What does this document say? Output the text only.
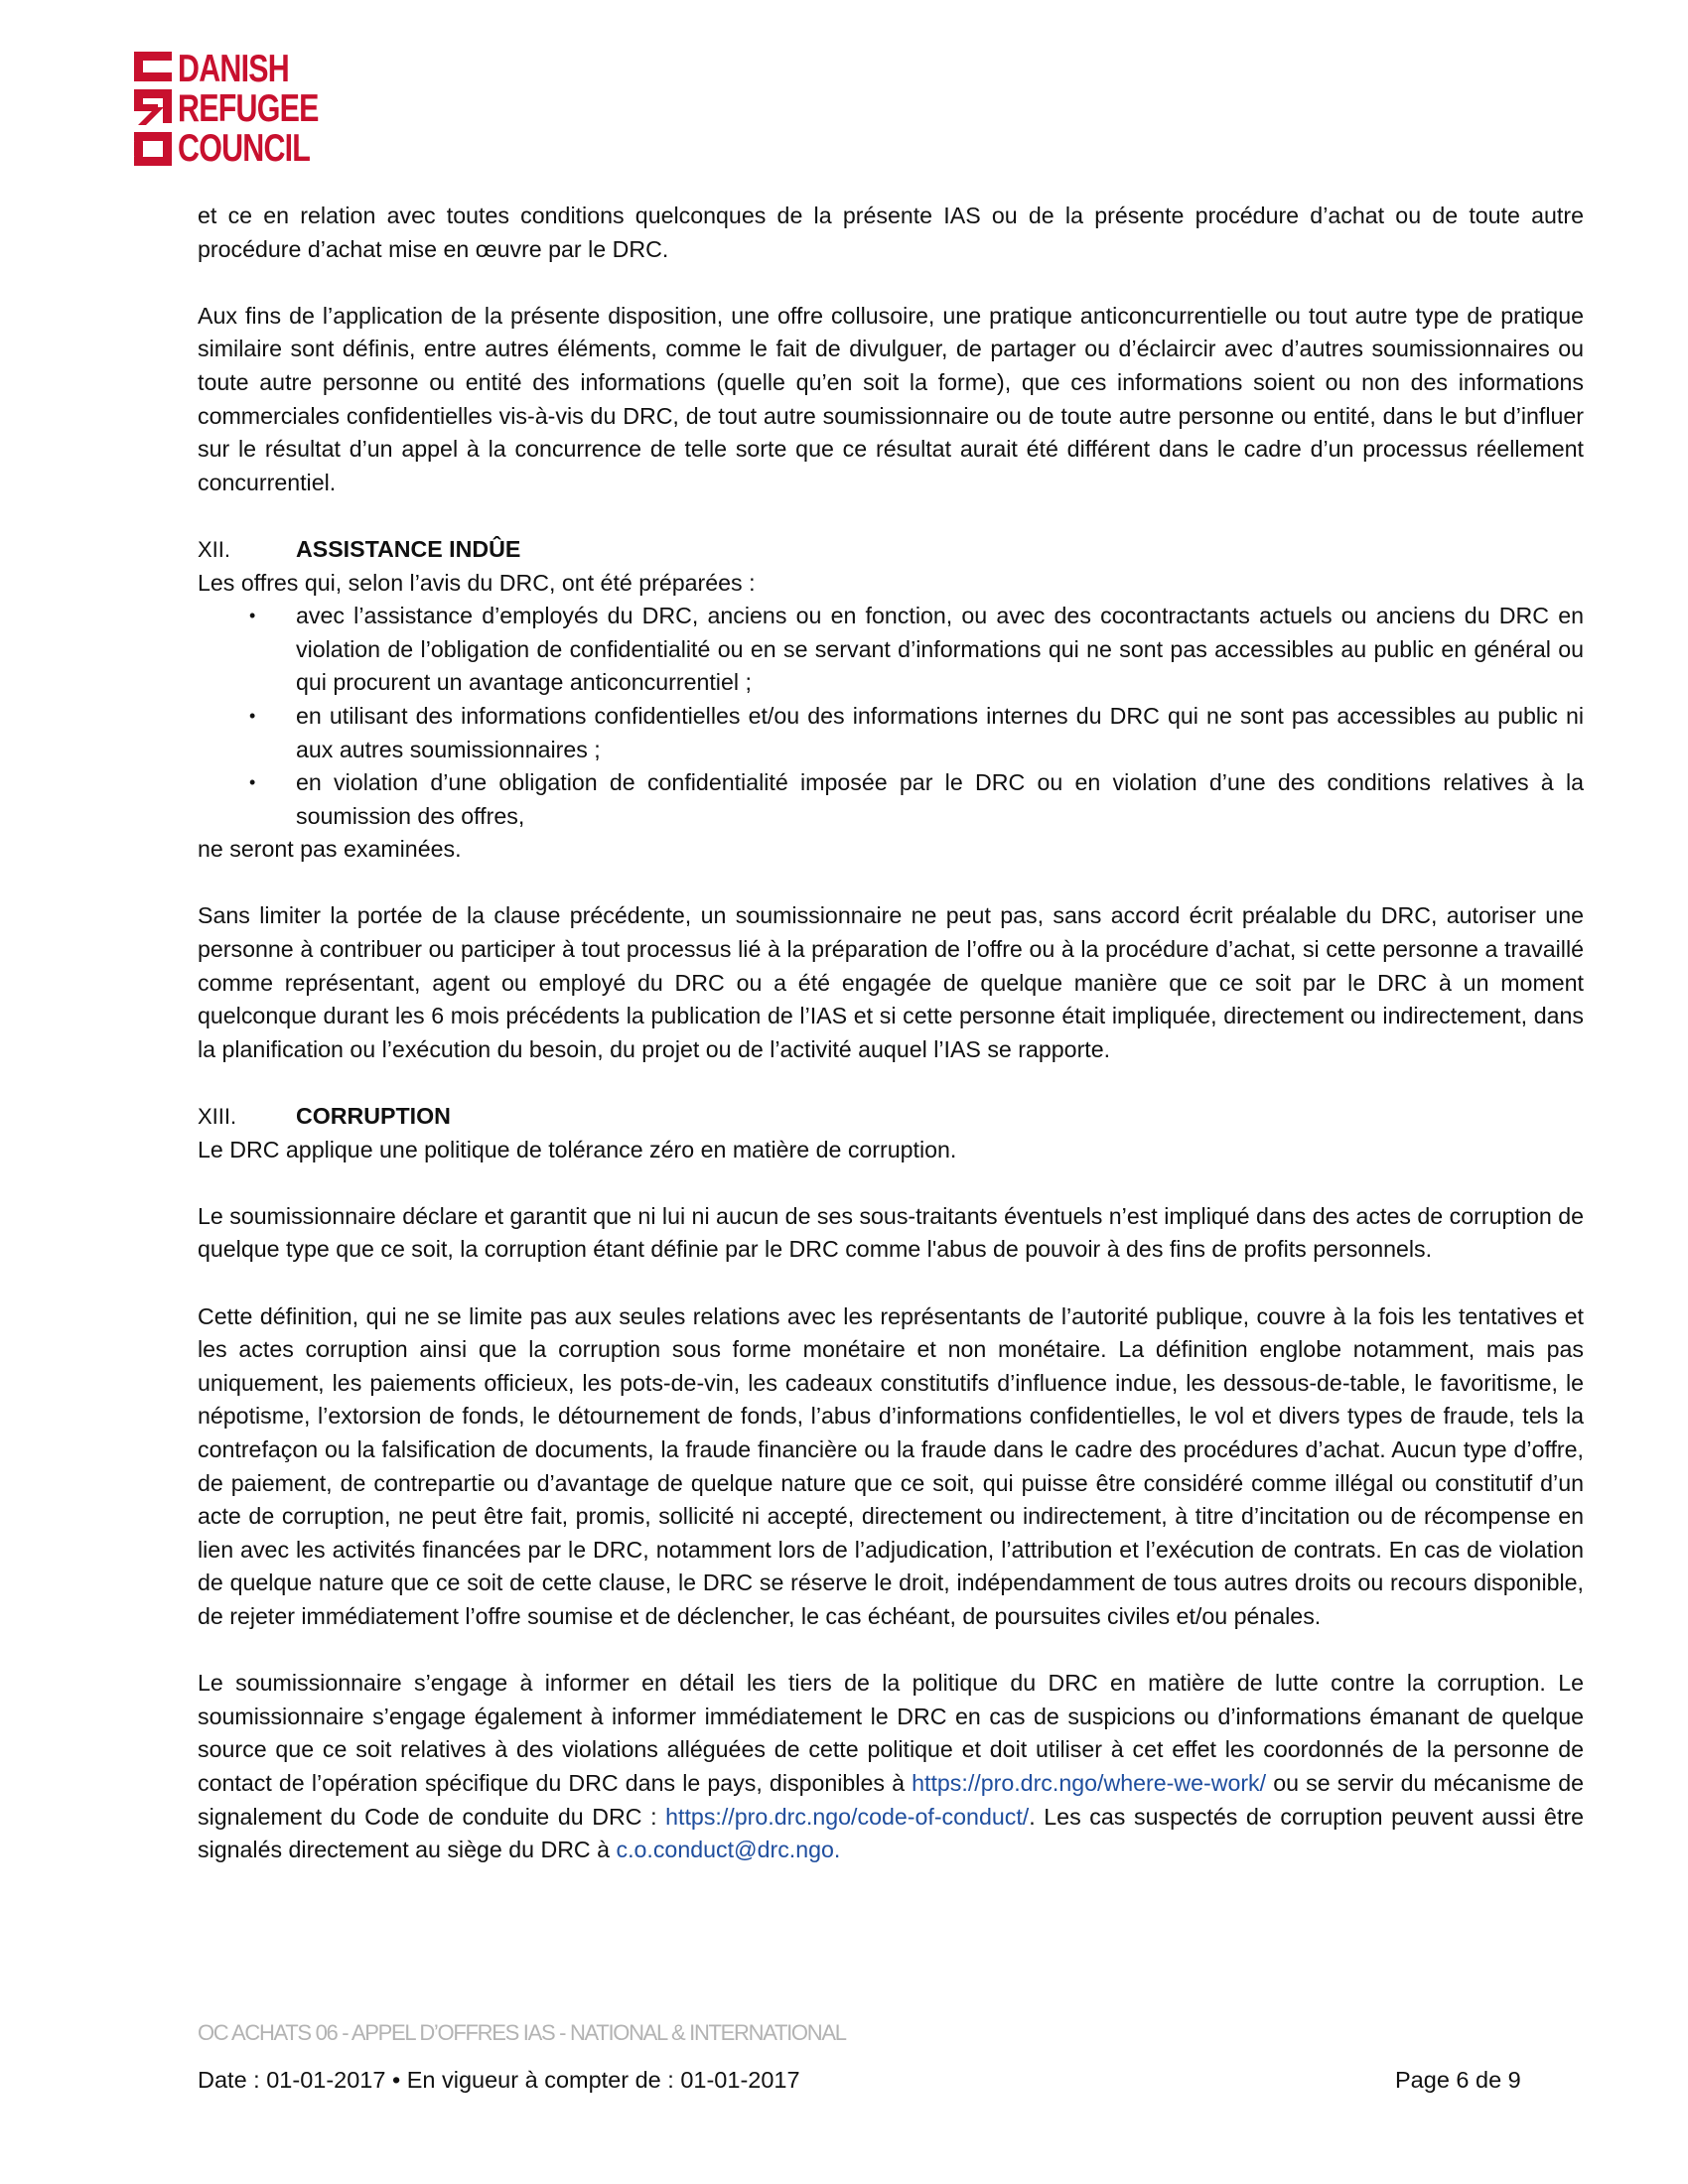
DANISH
REFUGEE
COUNCIL

et ce en relation avec toutes conditions quelconques de la présente IAS ou de la présente procédure d’achat ou de toute autre procédure d’achat mise en œuvre par le DRC.

Aux fins de l’application de la présente disposition, une offre collusoire, une pratique anticoncurrentielle ou tout autre type de pratique similaire sont définis, entre autres éléments, comme le fait de divulguer, de partager ou d’éclaircir avec d’autres soumissionnaires ou toute autre personne ou entité des informations (quelle qu’en soit la forme), que ces informations soient ou non des informations commerciales confidentielles vis-à-vis du DRC, de tout autre soumissionnaire ou de toute autre personne ou entité, dans le but d’influer sur le résultat d’un appel à la concurrence de telle sorte que ce résultat aurait été différent dans le cadre d’un processus réellement concurrentiel.

XII.	ASSISTANCE INDÛE

Les offres qui, selon l’avis du DRC, ont été préparées :

• avec l’assistance d’employés du DRC, anciens ou en fonction, ou avec des cocontractants actuels ou anciens du DRC en violation de l’obligation de confidentialité ou en se servant d’informations qui ne sont pas accessibles au public en général ou qui procurent un avantage anticoncurrentiel ;
• en utilisant des informations confidentielles et/ou des informations internes du DRC qui ne sont pas accessibles au public ni aux autres soumissionnaires ;
• en violation d’une obligation de confidentialité imposée par le DRC ou en violation d’une des conditions relatives à la soumission des offres,

ne seront pas examinées.

Sans limiter la portée de la clause précédente, un soumissionnaire ne peut pas, sans accord écrit préalable du DRC, autoriser une personne à contribuer ou participer à tout processus lié à la préparation de l’offre ou à la procédure d’achat, si cette personne a travaillé comme représentant, agent ou employé du DRC ou a été engagée de quelque manière que ce soit par le DRC à un moment quelconque durant les 6 mois précédents la publication de l’IAS et si cette personne était impliquée, directement ou indirectement, dans la planification ou l’exécution du besoin, du projet ou de l’activité auquel l’IAS se rapporte.

XIII.	CORRUPTION

Le DRC applique une politique de tolérance zéro en matière de corruption.

Le soumissionnaire déclare et garantit que ni lui ni aucun de ses sous-traitants éventuels n’est impliqué dans des actes de corruption de quelque type que ce soit, la corruption étant définie par le DRC comme l'abus de pouvoir à des fins de profits personnels.

Cette définition, qui ne se limite pas aux seules relations avec les représentants de l’autorité publique, couvre à la fois les tentatives et les actes corruption ainsi que la corruption sous forme monétaire et non monétaire. La définition englobe notamment, mais pas uniquement, les paiements officieux, les pots-de-vin, les cadeaux constitutifs d’influence indue, les dessous-de-table, le favoritisme, le népotisme, l’extorsion de fonds, le détournement de fonds, l’abus d’informations confidentielles, le vol et divers types de fraude, tels la contrefaçon ou la falsification de documents, la fraude financière ou la fraude dans le cadre des procédures d’achat. Aucun type d’offre, de paiement, de contrepartie ou d’avantage de quelque nature que ce soit, qui puisse être considéré comme illégal ou constitutif d’un acte de corruption, ne peut être fait, promis, sollicité ni accepté, directement ou indirectement, à titre d’incitation ou de récompense en lien avec les activités financées par le DRC, notamment lors de l’adjudication, l’attribution et l’exécution de contrats. En cas de violation de quelque nature que ce soit de cette clause, le DRC se réserve le droit, indépendamment de tous autres droits ou recours disponible, de rejeter immédiatement l’offre soumise et de déclencher, le cas échéant, de poursuites civiles et/ou pénales.

Le soumissionnaire s’engage à informer en détail les tiers de la politique du DRC en matière de lutte contre la corruption. Le soumissionnaire s’engage également à informer immédiatement le DRC en cas de suspicions ou d’informations émanant de quelque source que ce soit relatives à des violations alléguées de cette politique et doit utiliser à cet effet les coordonnés de la personne de contact de l’opération spécifique du DRC dans le pays, disponibles à https://pro.drc.ngo/where-we-work/ ou se servir du mécanisme de signalement du Code de conduite du DRC : https://pro.drc.ngo/code-of-conduct/. Les cas suspectés de corruption peuvent aussi être signalés directement au siège du DRC à c.o.conduct@drc.ngo.

OC ACHATS 06 - APPEL D’OFFRES IAS - NATIONAL & INTERNATIONAL
Date : 01-01-2017 • En vigueur à compter de : 01-01-2017	Page 6 de 9
